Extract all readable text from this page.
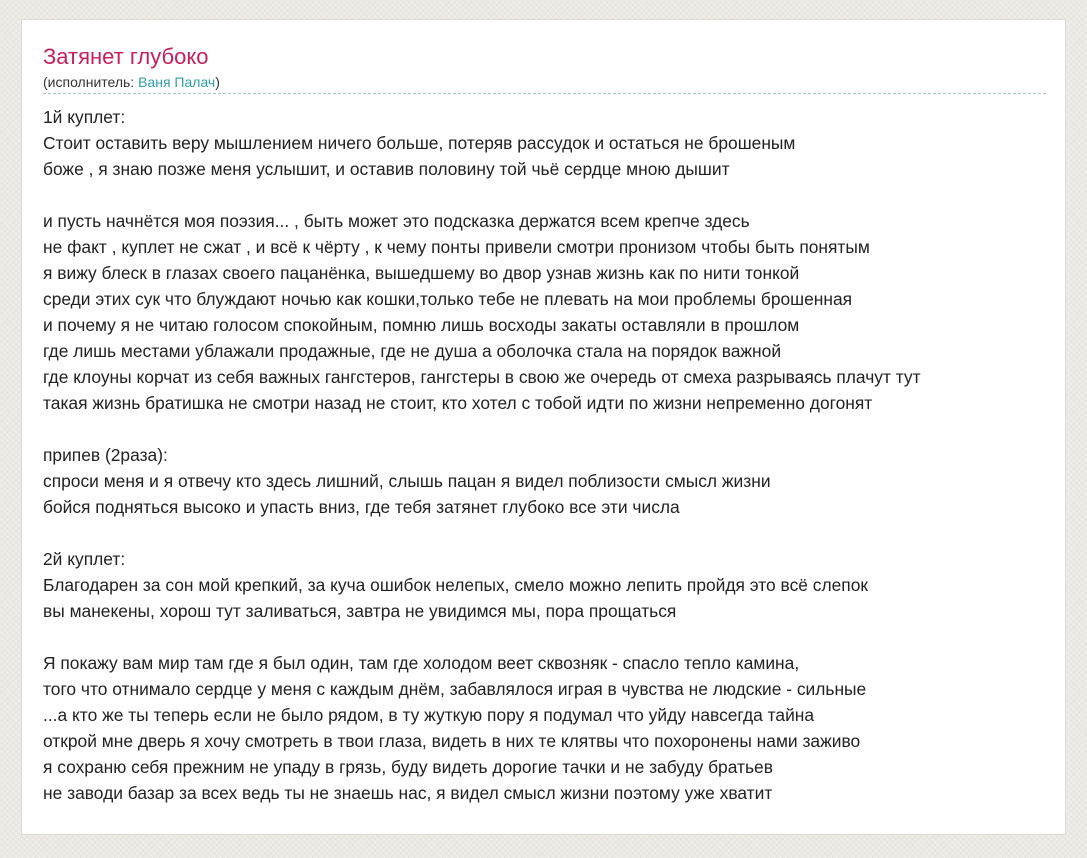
Затянет глубоко
(исполнитель: Ваня Палач)
1й куплет:
Стоит оставить веру мышлением ничего больше, потеряв рассудок и остаться не брошеным
боже , я знаю позже меня услышит, и оставив половину той чьё сердце мною дышит
и пусть начнётся моя поэзия... , быть может это подсказка держатся всем крепче здесь
не факт , куплет не сжат , и всё к чёрту , к чему понты привели смотри пронизом чтобы быть понятым
я вижу блеск в глазах своего пацанёнка, вышедшему во двор узнав жизнь как по нити тонкой
среди этих сук что блуждают ночью как кошки,только тебе не плевать на мои проблемы брошенная
и почему я не читаю голосом спокойным, помню лишь восходы закаты оставляли в прошлом
где лишь местами ублажали продажные, где не душа а оболочка стала на порядок важной
где клоуны корчат из себя важных гангстеров, гангстеры в свою же очередь от смеха разрываясь плачут тут
такая жизнь братишка не смотри назад не стоит, кто хотел с тобой идти по жизни непременно догонят
припев (2раза):
спроси меня и я отвечу кто здесь лишний, слышь пацан я видел поблизости смысл жизни
бойся подняться высоко и упасть вниз, где тебя затянет глубоко все эти числа
2й куплет:
Благодарен за сон мой крепкий, за куча ошибок нелепых, смело можно лепить пройдя это всё слепок
вы манекены, хорош тут заливаться, завтра не увидимся мы, пора прощаться
Я покажу вам мир там где я был один, там где холодом веет сквозняк - спасло тепло камина,
того что отнимало сердце у меня с каждым днём, забавлялося играя в чувства не людские - сильные
...а кто же ты теперь если не было рядом, в ту жуткую пору я подумал что уйду навсегда тайна
открой мне дверь я хочу смотреть в твои глаза, видеть в них те клятвы что похоронены нами заживо
я сохраню себя прежним не упаду в грязь, буду видеть дорогие тачки и не забуду братьев
не заводи базар за всех ведь ты не знаешь нас, я видел смысл жизни поэтому уже хватит
